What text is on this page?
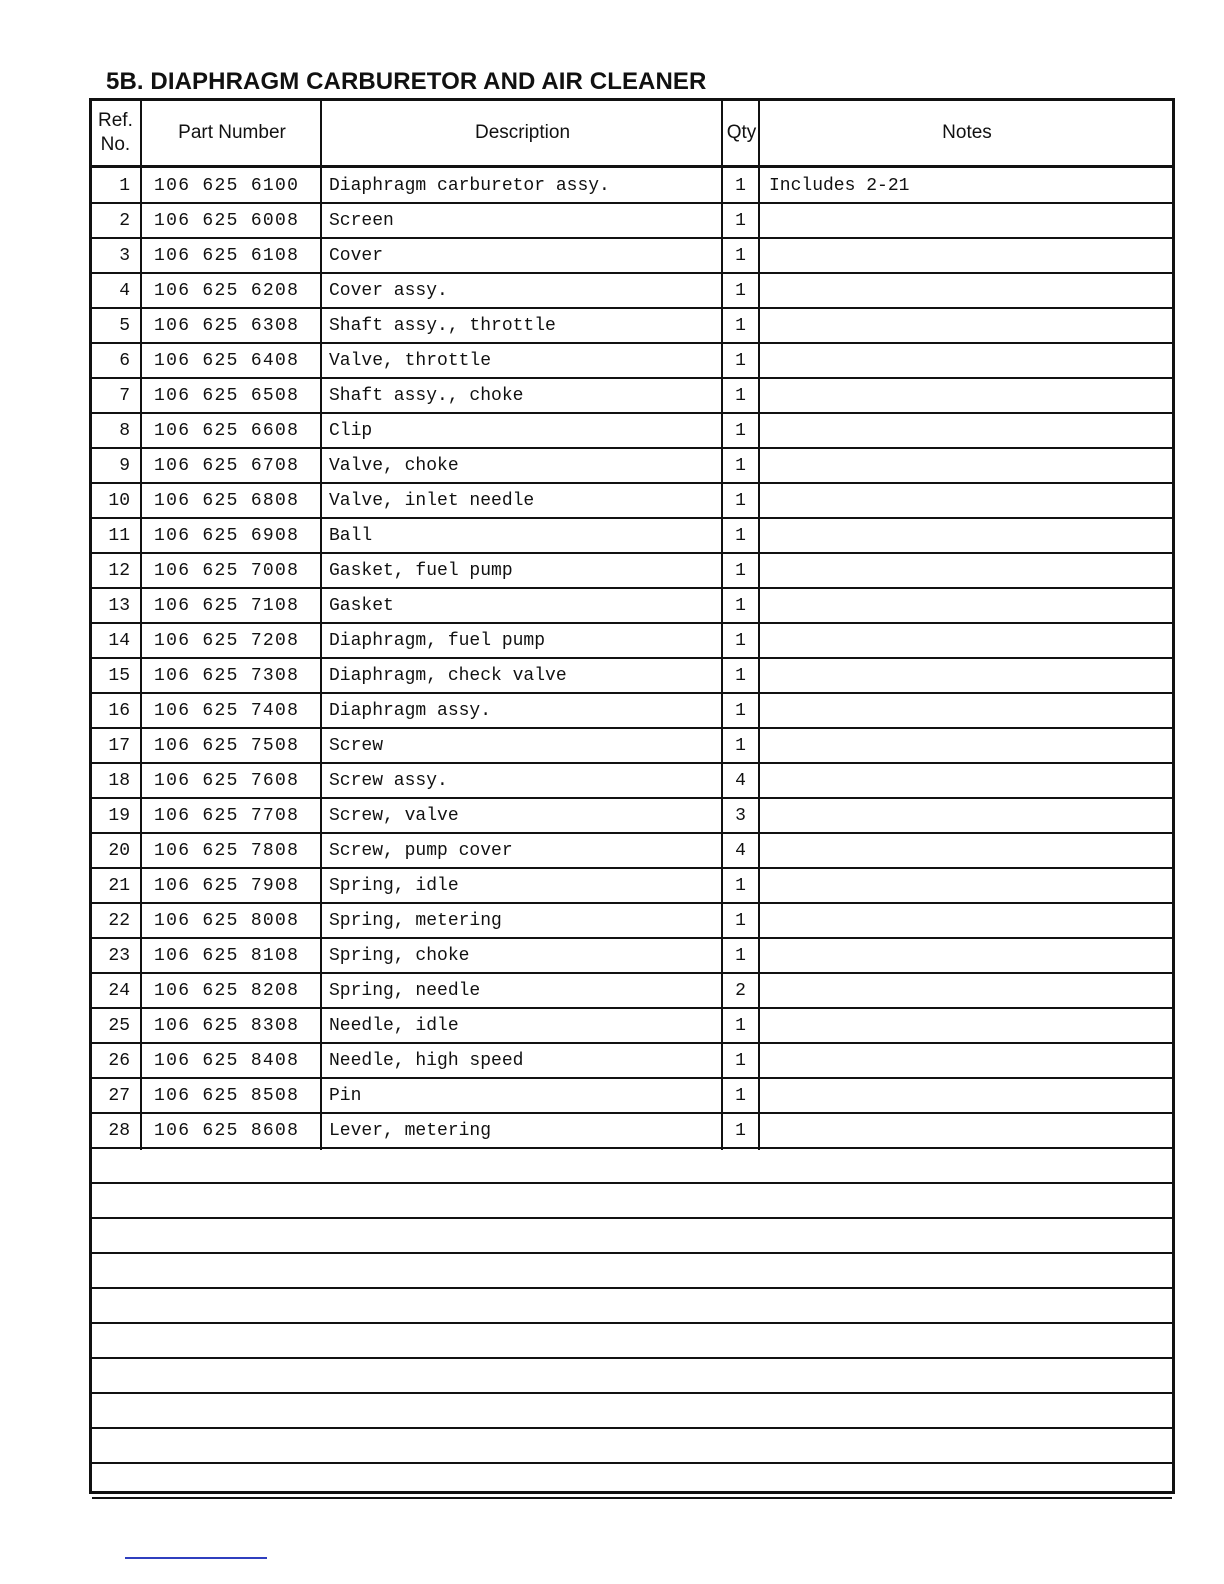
5B. DIAPHRAGM CARBURETOR AND AIR CLEANER
Ref.
No.
Part Number	Description	Qty	Notes
1	106 625 6100	Diaphragm carburetor assy.	1	Includes 2-21
2	106 625 6008	Screen	1
3	106 625 6108	Cover	1
4	106 625 6208	Cover assy.	1
5	106 625 6308	Shaft assy., throttle	1
6	106 625 6408	Valve, throttle	1
7	106 625 6508	Shaft assy., choke	1
8	106 625 6608	Clip	1
9	106 625 6708	Valve, choke	1
10	106 625 6808	Valve, inlet needle	1
11	106 625 6908	Ball	1
12	106 625 7008	Gasket, fuel pump	1
13	106 625 7108	Gasket	1
14	106 625 7208	Diaphragm, fuel pump	1
15	106 625 7308	Diaphragm, check valve	1
16	106 625 7408	Diaphragm assy.	1
17	106 625 7508	Screw	1
18	106 625 7608	Screw assy.	4
19	106 625 7708	Screw, valve	3
20	106 625 7808	Screw, pump cover	4
21	106 625 7908	Spring, idle	1
22	106 625 8008	Spring, metering	1
23	106 625 8108	Spring, choke	1
24	106 625 8208	Spring, needle	2
25	106 625 8308	Needle, idle	1
26	106 625 8408	Needle, high speed	1
27	106 625 8508	Pin	1
28	106 625 8608	Lever, metering	1
